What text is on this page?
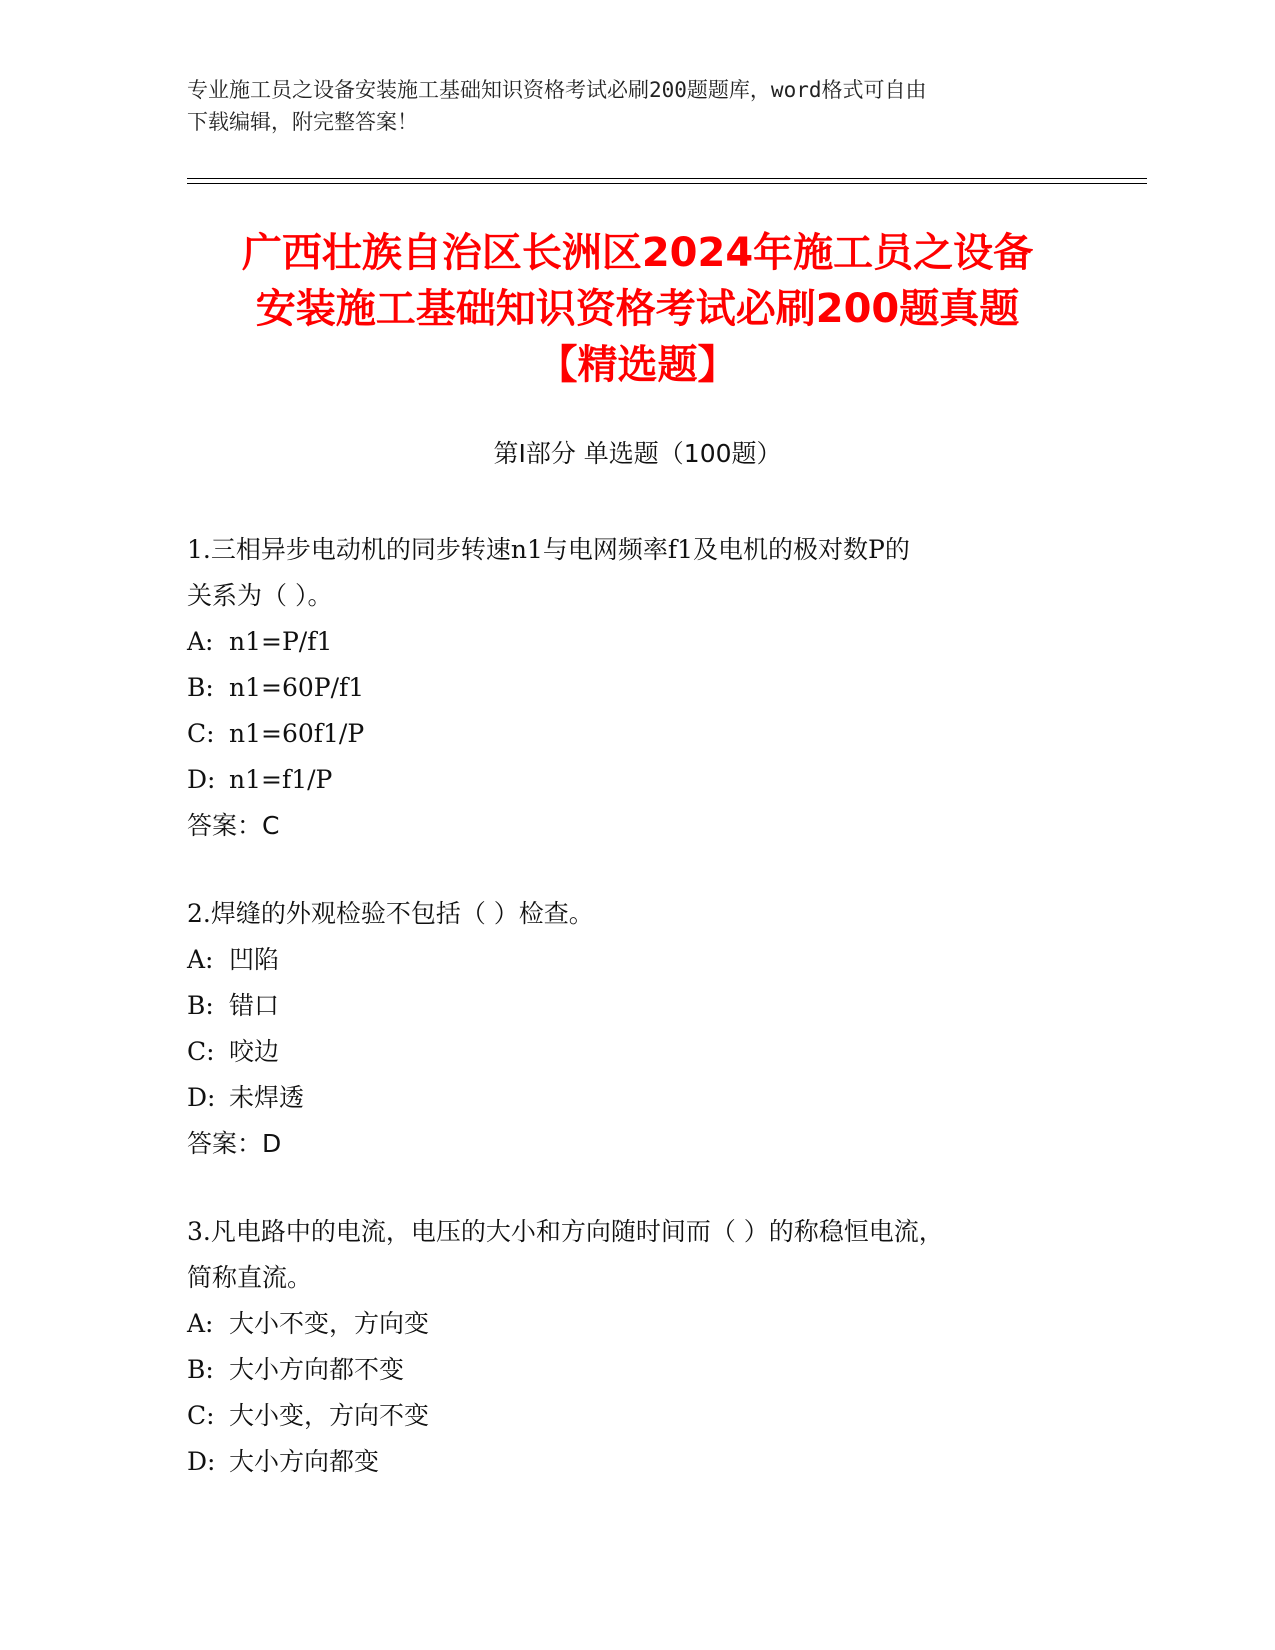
专业施工员之设备安装施工基础知识资格考试必刷200题题库，word格式可自由
下载编辑，附完整答案！
广西壮族自治区长洲区2024年施工员之设备
安装施工基础知识资格考试必刷200题真题
【精选题】
第Ⅰ部分 单选题（100题）
1.三相异步电动机的同步转速n1与电网频率f1及电机的极对数P的
关系为（ ）。
A: n1=P/f1
B: n1=60P/f1
C: n1=60f1/P
D: n1=f1/P
答案：C
2.焊缝的外观检验不包括（ ）检查。
A: 凹陷
B: 错口
C: 咬边
D: 未焊透
答案：D
3.凡电路中的电流，电压的大小和方向随时间而（ ）的称稳恒电流，
简称直流。
A: 大小不变，方向变
B: 大小方向都不变
C: 大小变，方向不变
D: 大小方向都变
